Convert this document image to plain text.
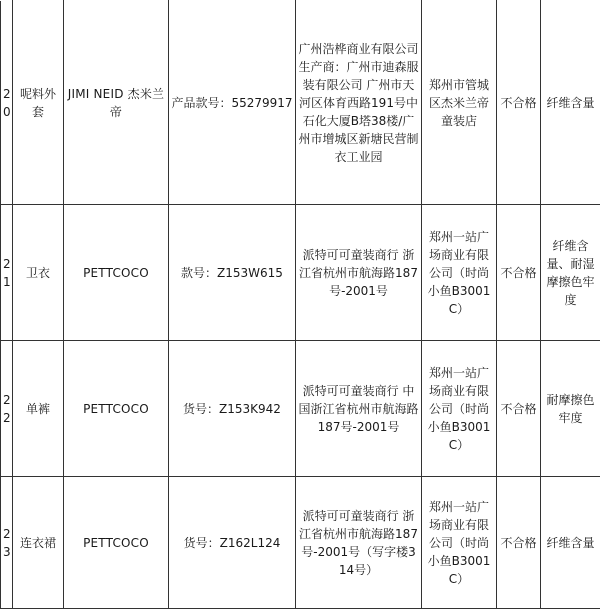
20	呢料外套	JIMI NEID 杰米兰帝	产品款号：55279917	广州浩桦商业有限公司生产商：广州市迪森服装有限公司 广州市天河区体育西路191号中石化大厦B塔38楼/广州市增城区新塘民营制衣工业园	郑州市管城区杰米兰帝童装店	不合格	纤维含量
21	卫衣	PETTCOCO	款号：Z153W615	派特可可童装商行 浙江省杭州市航海路187号-2001号	郑州一站广场商业有限公司（时尚小鱼B3001C）	不合格	纤维含量、耐湿摩擦色牢度
22	单裤	PETTCOCO	货号：Z153K942	派特可可童装商行 中国浙江省杭州市航海路187号-2001号	郑州一站广场商业有限公司（时尚小鱼B3001C）	不合格	耐摩擦色牢度
23	连衣裙	PETTCOCO	货号：Z162L124	派特可可童装商行 浙江省杭州市航海路187号-2001号（写字楼314号）	郑州一站广场商业有限公司（时尚小鱼B3001C）	不合格	纤维含量
